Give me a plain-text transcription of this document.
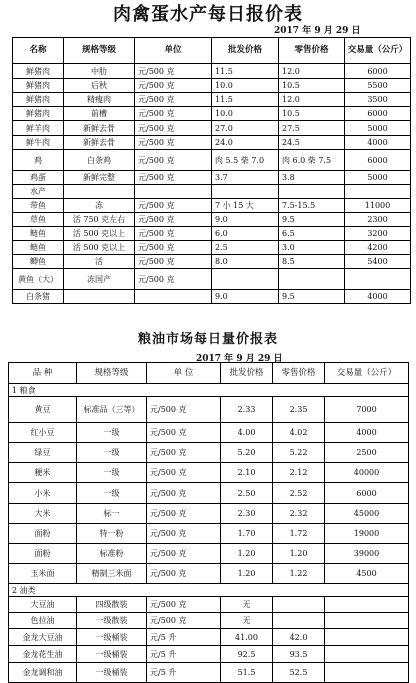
肉禽蛋水产每日报价表
2017 年 9 月 29 日
名称	规格等级	单位	批发价格	零售价格	交易量（公斤）
鲜猪肉	中肋	元/500 克	11.5	12.0	6000
鲜猪肉	后秋	元/500 克	10.0	10.5	5500
鲜猪肉	精瘦肉	元/500 克	11.5	12.0	3500
鲜猪肉	前槽	元/500 克	10.0	10.5	6000
鲜羊肉	新鲜去骨	元/500 克	27.0	27.5	5000
鲜牛肉	新鲜去骨	元/500 克	24.0	24.5	4000
鸡	白条鸡	元/500 克	肉 5.5 柴 7.0	肉 6.0 柴 7.5	6000
鸡蛋	新鲜完整	元/500 克	3.7	3.8	5000
水产					
带鱼	冻	元/500 克	7 小 15 大	7.5-15.5	11000
草鱼	活 750 克左右	元/500 克	9.0	9.5	2300
鲢鱼	活 500 克以上	元/500 克	6.0	6.5	3200
鲢鱼	活 500 克以上	元/500 克	2.5	3.0	4200
鲫鱼	活	元/500 克	8.0	8.5	5400
黄鱼（大）	冻国产	元/500 克			
白条猪			9.0	9.5	4000
粮油市场每日量价报表
2017 年 9 月 29 日
品 种	规格等级	单 位	批发价格	零售价格	交易量（公斤）
1 粮食					
黄豆	标准品（三等）	元/500 克	2.33	2.35	7000
红小豆	一级	元/500 克	4.00	4.02	4000
绿豆	一级	元/500 克	5.20	5.22	2500
粳米	一级	元/500 克	2.10	2.12	40000
小米	一级	元/500 克	2.50	2.52	6000
大米	标一	元/500 克	2.30	2.32	45000
面粉	特一粉	元/500 克	1.70	1.72	19000
面粉	标准粉	元/500 克	1.20	1.20	39000
玉米面	精制三米面	元/500 克	1.20	1.22	4500
2 油类					
大豆油	四级散装	元/500 克	无		
色拉油	一级散装	元/500 克	无		
金龙大豆油	一级桶装	元/5 升	41.00	42.0	
金龙花生油	一级桶装	元/5 升	92.5	93.5	
金龙调和油	一级桶装	元/5 升	51.5	52.5	
